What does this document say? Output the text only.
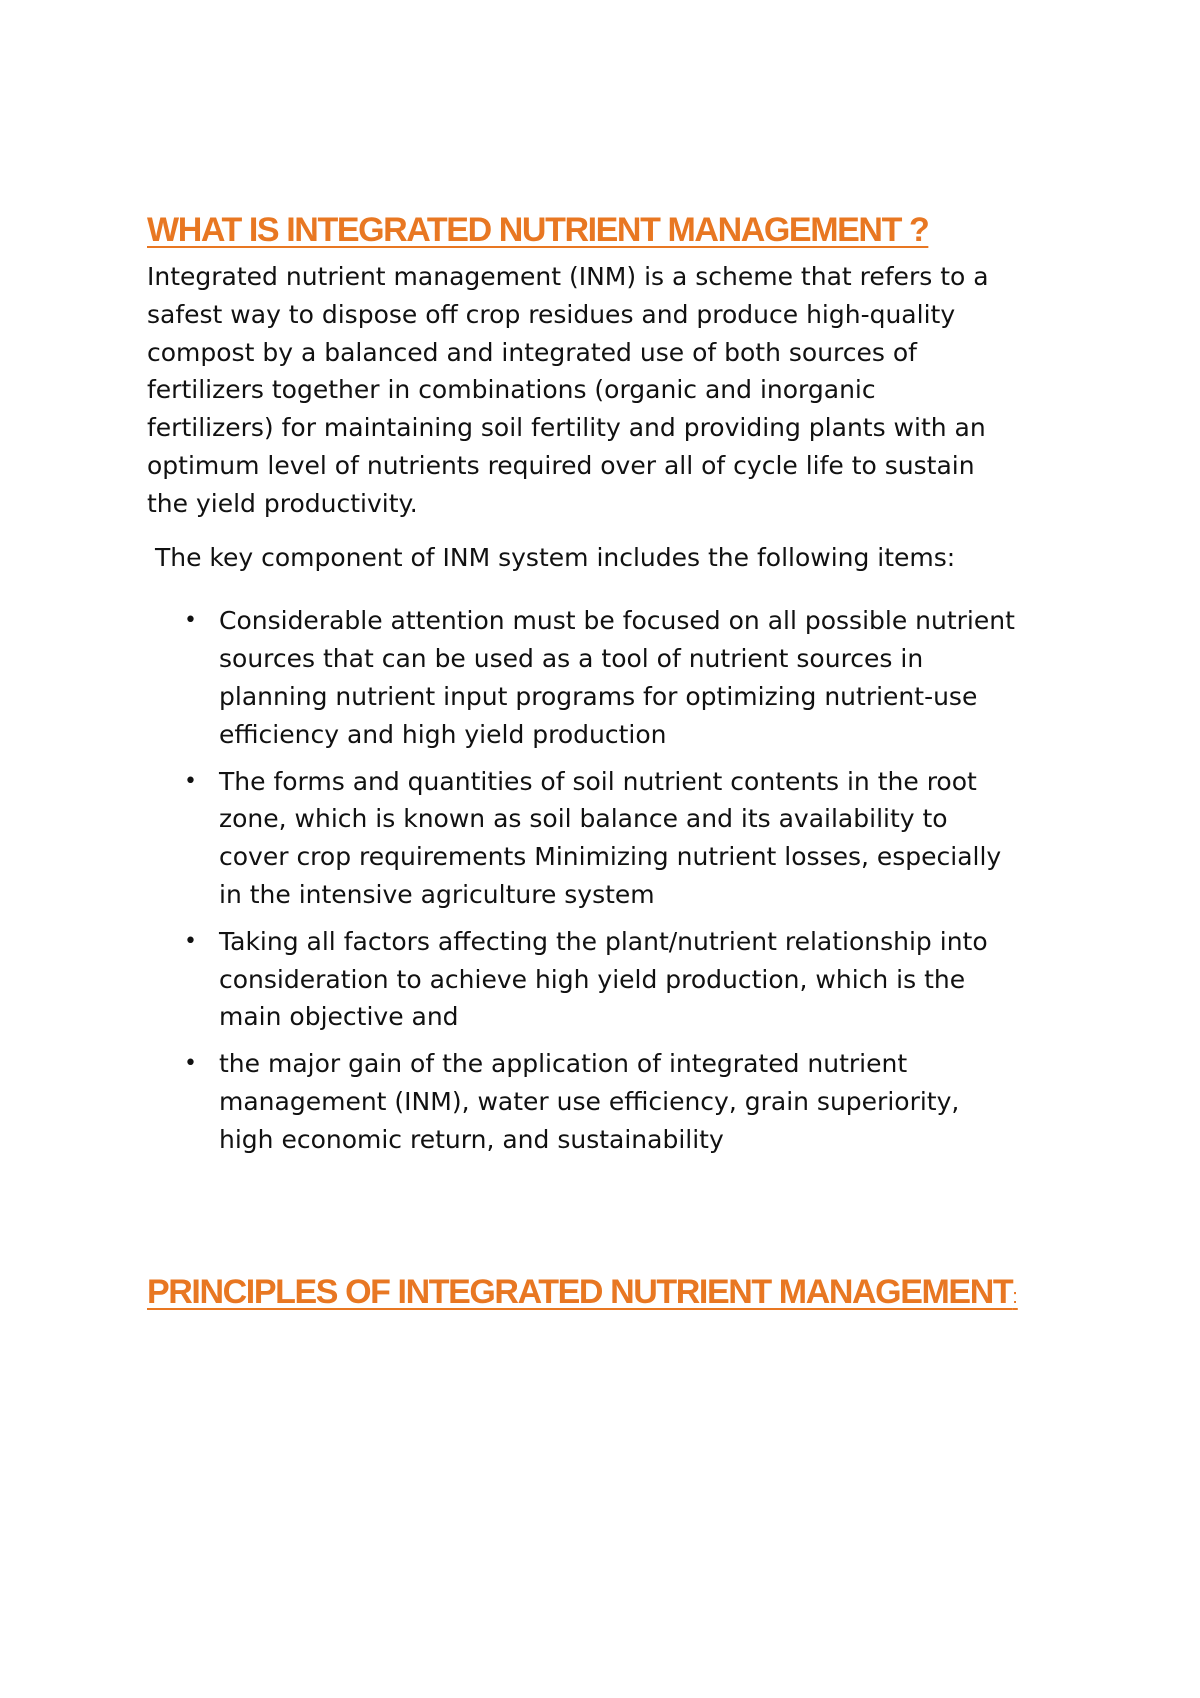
WHAT IS INTEGRATED NUTRIENT MANAGEMENT ?

Integrated nutrient management (INM) is a scheme that refers to a safest way to dispose off crop residues and produce high-quality compost by a balanced and integrated use of both sources of fertilizers together in combinations (organic and inorganic fertilizers) for maintaining soil fertility and providing plants with an optimum level of nutrients required over all of cycle life to sustain the yield productivity.

The key component of INM system includes the following items:

• Considerable attention must be focused on all possible nutrient sources that can be used as a tool of nutrient sources in planning nutrient input programs for optimizing nutrient-use efficiency and high yield production
• The forms and quantities of soil nutrient contents in the root zone, which is known as soil balance and its availability to cover crop requirements Minimizing nutrient losses, especially in the intensive agriculture system
• Taking all factors affecting the plant/nutrient relationship into consideration to achieve high yield production, which is the main objective and
• the major gain of the application of integrated nutrient management (INM), water use efficiency, grain superiority, high economic return, and sustainability
PRINCIPLES OF INTEGRATED NUTRIENT MANAGEMENT:
